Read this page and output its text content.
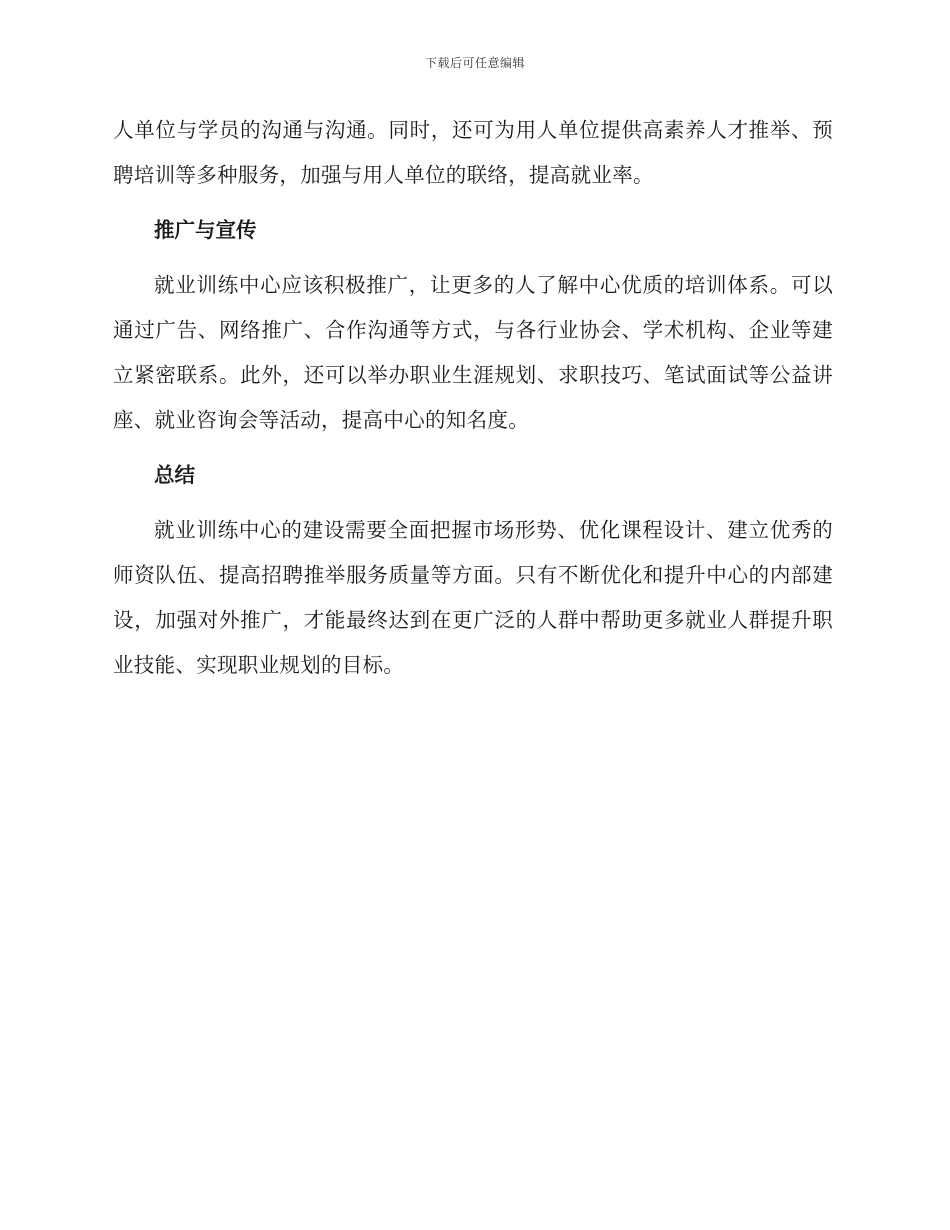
下载后可任意编辑

人单位与学员的沟通与沟通。同时，还可为用人单位提供高素养人才推举、预聘培训等多种服务，加强与用人单位的联络，提高就业率。

推广与宣传

就业训练中心应该积极推广，让更多的人了解中心优质的培训体系。可以通过广告、网络推广、合作沟通等方式，与各行业协会、学术机构、企业等建立紧密联系。此外，还可以举办职业生涯规划、求职技巧、笔试面试等公益讲座、就业咨询会等活动，提高中心的知名度。

总结

就业训练中心的建设需要全面把握市场形势、优化课程设计、建立优秀的师资队伍、提高招聘推举服务质量等方面。只有不断优化和提升中心的内部建设，加强对外推广，才能最终达到在更广泛的人群中帮助更多就业人群提升职业技能、实现职业规划的目标。
